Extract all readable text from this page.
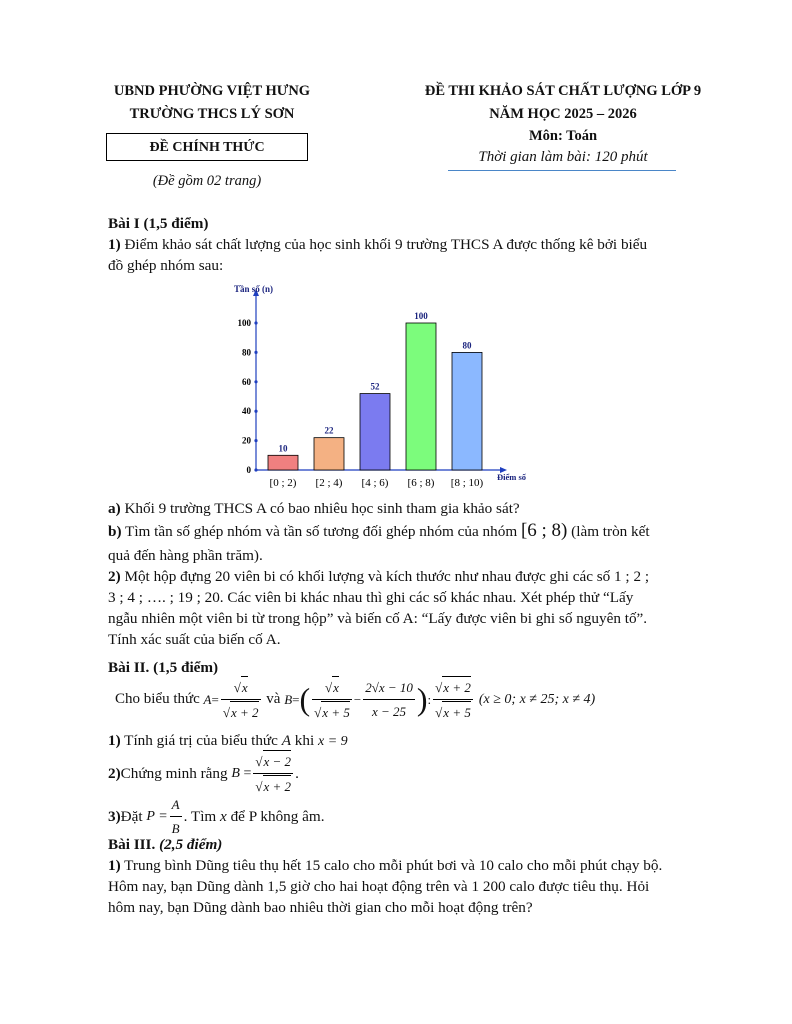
UBND PHƯỜNG VIỆT HƯNG
TRƯỜNG THCS LÝ SƠN
ĐỀ CHÍNH THỨC
(Đề gồm 02 trang)
ĐỀ THI KHẢO SÁT CHẤT LƯỢNG LỚP 9
NĂM HỌC 2025 – 2026
Môn: Toán
Thời gian làm bài: 120 phút
Bài I (1,5 điểm)
1) Điểm khảo sát chất lượng của học sinh khối 9 trường THCS A được thống kê bởi biểu
đồ ghép nhóm sau:
Tần số (n)
Điểm số
0
20
40
60
80
100
10
[0 ; 2)
22
[2 ; 4)
52
[4 ; 6)
100
[6 ; 8)
80
[8 ; 10)
a) Khối 9 trường THCS A có bao nhiêu học sinh tham gia khảo sát?
b) Tìm tần số ghép nhóm và tần số tương đối ghép nhóm của nhóm [6 ; 8) (làm tròn kết
quả đến hàng phần trăm).
2) Một hộp đựng 20 viên bi có khối lượng và kích thước như nhau được ghi các số 1 ; 2 ;
3 ; 4 ; …. ; 19 ; 20. Các viên bi khác nhau thì ghi các số khác nhau. Xét phép thử “Lấy
ngẫu nhiên một viên bi từ trong hộp” và biến cố A: “Lấy được viên bi ghi số nguyên tố”.
Tính xác suất của biến cố A.
Bài II. (1,5 điểm)
Cho biểu thức
A = √ x
√ x + 2
và
B = ( √ x
√ $x + 5 - \frac{2√x - 10}{x - 25}$ ) : √ x + 2
√ x + 5 (x ≥ 0; x ≠ 25; x ≠ 4)
1) Tính giá trị của biểu thức A khi x = 9
2) Chứng minh rằng
B = √ x − 2
√ x + 2 .
3) Đặt
$P = \frac{A}{B}$ . Tìm
x
để P không âm.
Bài III. (2,5 điểm)
1) Trung bình Dũng tiêu thụ hết 15 calo cho mỗi phút bơi và 10 calo cho mỗi phút chạy bộ.
Hôm nay, bạn Dũng dành 1,5 giờ cho hai hoạt động trên và 1 200 calo được tiêu thụ. Hỏi
hôm nay, bạn Dũng dành bao nhiêu thời gian cho mỗi hoạt động trên?
